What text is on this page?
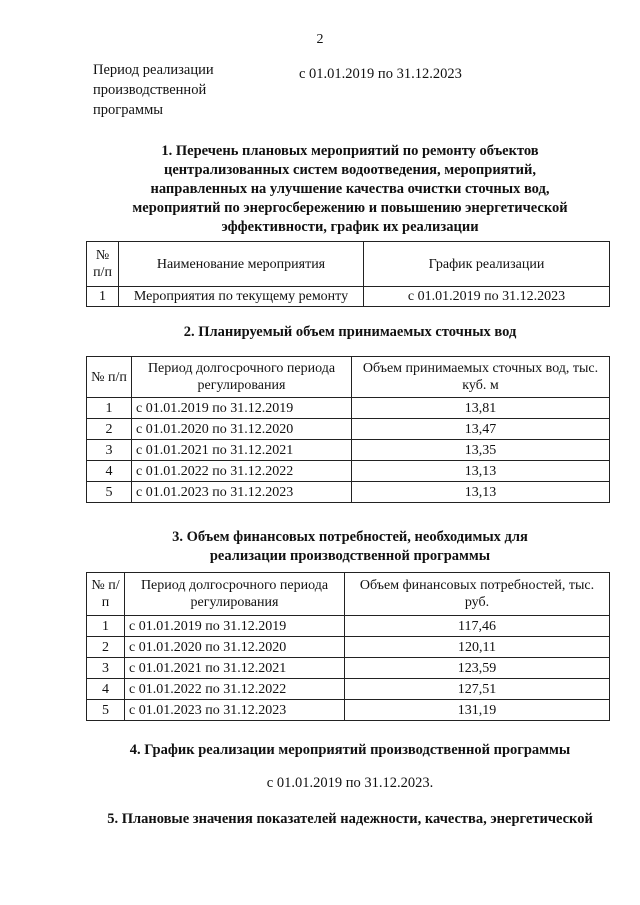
2
Период реализации
производственной
программы
с 01.01.2019 по 31.12.2023
1. Перечень плановых мероприятий по ремонту объектов
централизованных систем водоотведения, мероприятий,
направленных на улучшение качества очистки сточных вод,
мероприятий по энергосбережению и повышению энергетической
эффективности, график их реализации
№ п/п	Наименование мероприятия	График реализации
1	Мероприятия по текущему ремонту	с 01.01.2019 по 31.12.2023
2. Планируемый объем принимаемых сточных вод
№ п/п	Период долгосрочного периода регулирования	Объем принимаемых сточных вод, тыс. куб. м
1	с 01.01.2019 по 31.12.2019	13,81
2	с 01.01.2020 по 31.12.2020	13,47
3	с 01.01.2021 по 31.12.2021	13,35
4	с 01.01.2022 по 31.12.2022	13,13
5	с 01.01.2023 по 31.12.2023	13,13
3. Объем финансовых потребностей, необходимых для
реализации производственной программы
№ п/п	Период долгосрочного периода регулирования	Объем финансовых потребностей, тыс. руб.
1	с 01.01.2019 по 31.12.2019	117,46
2	с 01.01.2020 по 31.12.2020	120,11
3	с 01.01.2021 по 31.12.2021	123,59
4	с 01.01.2022 по 31.12.2022	127,51
5	с 01.01.2023 по 31.12.2023	131,19
4. График реализации мероприятий производственной программы
с 01.01.2019 по 31.12.2023.
5. Плановые значения показателей надежности, качества, энергетической
